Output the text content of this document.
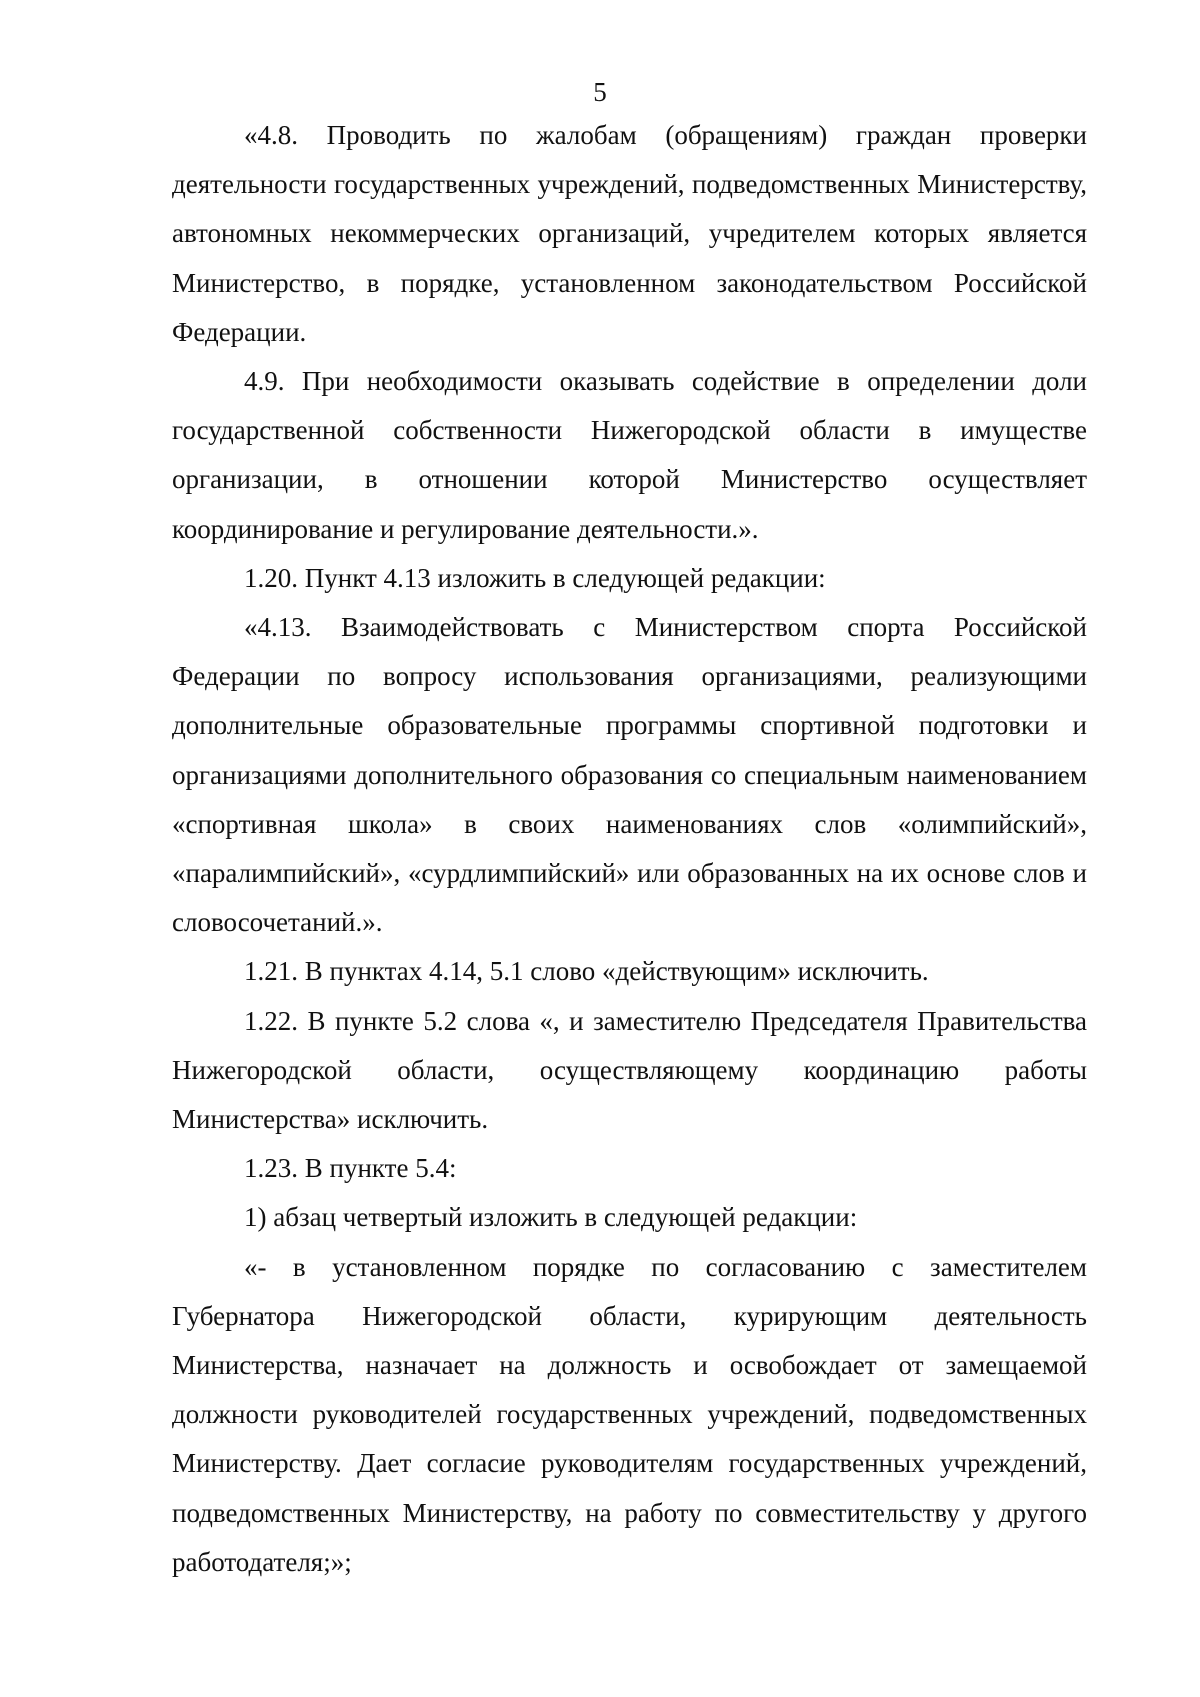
5

«4.8. Проводить по жалобам (обращениям) граждан проверки деятельности государственных учреждений, подведомственных Министерству, автономных некоммерческих организаций, учредителем которых является Министерство, в порядке, установленном законодательством Российской Федерации.

4.9. При необходимости оказывать содействие в определении доли государственной собственности Нижегородской области в имуществе организации, в отношении которой Министерство осуществляет координирование и регулирование деятельности.».

1.20. Пункт 4.13 изложить в следующей редакции:

«4.13. Взаимодействовать с Министерством спорта Российской Федерации по вопросу использования организациями, реализующими дополнительные образовательные программы спортивной подготовки и организациями дополнительного образования со специальным наименованием «спортивная школа» в своих наименованиях слов «олимпийский», «паралимпийский», «сурдлимпийский» или образованных на их основе слов и словосочетаний.».

1.21. В пунктах 4.14, 5.1 слово «действующим» исключить.

1.22. В пункте 5.2 слова «, и заместителю Председателя Правительства Нижегородской области, осуществляющему координацию работы Министерства» исключить.

1.23. В пункте 5.4:

1) абзац четвертый изложить в следующей редакции:

«- в установленном порядке по согласованию с заместителем Губернатора Нижегородской области, курирующим деятельность Министерства, назначает на должность и освобождает от замещаемой должности руководителей государственных учреждений, подведомственных Министерству. Дает согласие руководителям государственных учреждений, подведомственных Министерству, на работу по совместительству у другого работодателя;»;
